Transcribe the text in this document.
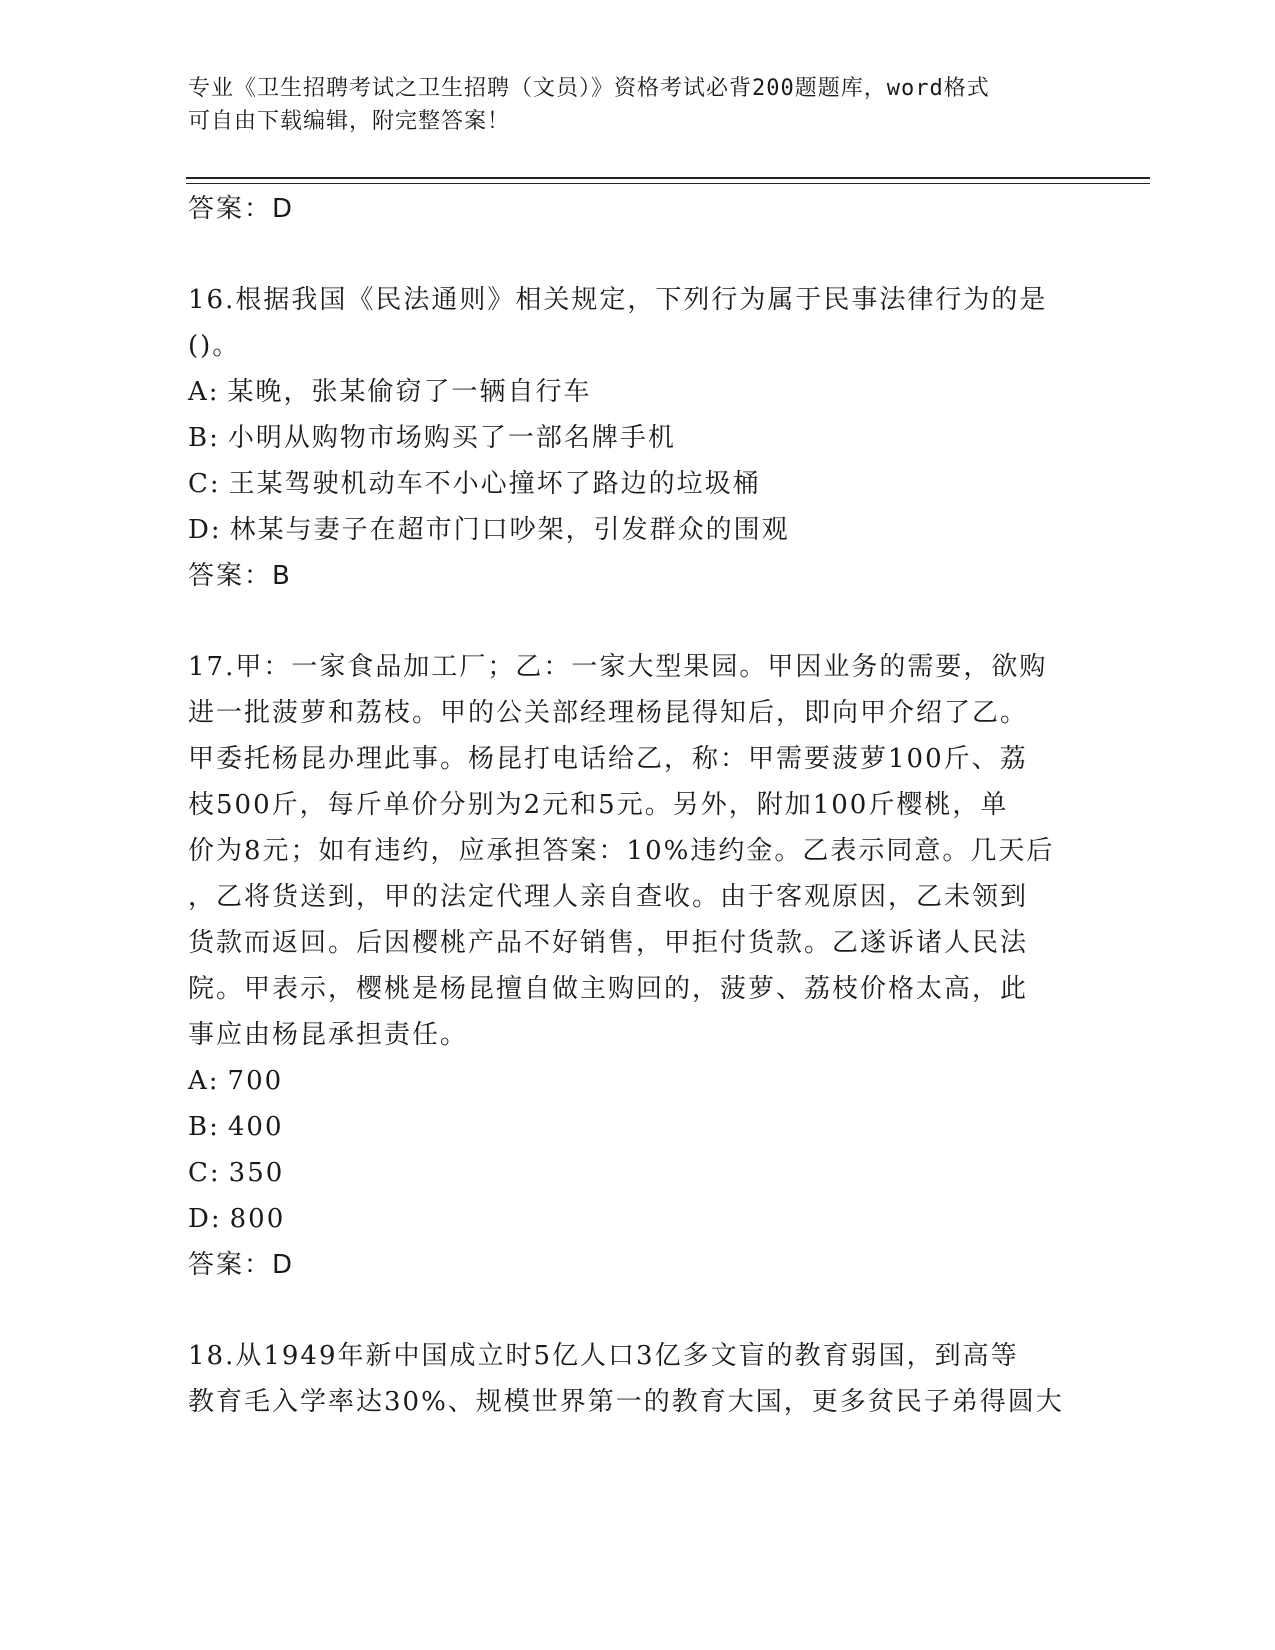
专业《卫生招聘考试之卫生招聘（文员）》资格考试必背200题题库，word格式
可自由下载编辑，附完整答案！
答案：D
16.根据我国《民法通则》相关规定，下列行为属于民事法律行为的是
()。
A: 某晚，张某偷窃了一辆自行车
B: 小明从购物市场购买了一部名牌手机
C: 王某驾驶机动车不小心撞坏了路边的垃圾桶
D: 林某与妻子在超市门口吵架，引发群众的围观
答案：B
17.甲：一家食品加工厂；乙：一家大型果园。甲因业务的需要，欲购
进一批菠萝和荔枝。甲的公关部经理杨昆得知后，即向甲介绍了乙。
甲委托杨昆办理此事。杨昆打电话给乙，称：甲需要菠萝100斤、荔
枝500斤，每斤单价分别为2元和5元。另外，附加100斤樱桃，单
价为8元；如有违约，应承担答案：10%违约金。乙表示同意。几天后
，乙将货送到，甲的法定代理人亲自查收。由于客观原因，乙未领到
货款而返回。后因樱桃产品不好销售，甲拒付货款。乙遂诉诸人民法
院。甲表示，樱桃是杨昆擅自做主购回的，菠萝、荔枝价格太高，此
事应由杨昆承担责任。
A: 700
B: 400
C: 350
D: 800
答案：D
18.从1949年新中国成立时5亿人口3亿多文盲的教育弱国，到高等
教育毛入学率达30%、规模世界第一的教育大国，更多贫民子弟得圆大
